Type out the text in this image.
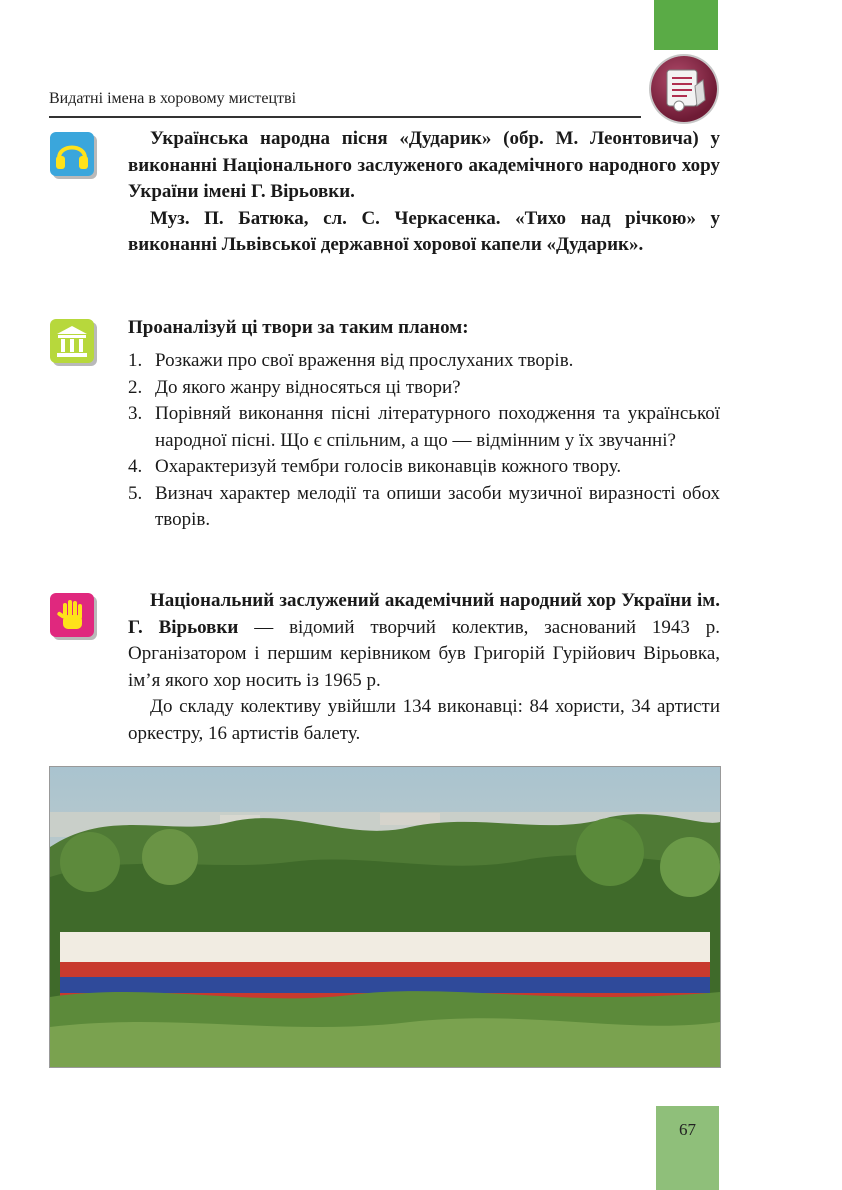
Видатні імена в хоровому мистецтві

Українська народна пісня «Дударик» (обр. М. Леонтовича) у виконанні Національного заслуженого академічного народного хору України імені Г. Вірьовки.

Муз. П. Батюка, сл. С. Черкасенка. «Тихо над річкою» у виконанні Львівської державної хорової капели «Дударик».

Проаналізуй ці твори за таким планом:

1. Розкажи про свої враження від прослуханих творів.
2. До якого жанру відносяться ці твори?
3. Порівняй виконання пісні літературного походження та української народної пісні. Що є спільним, а що — відмінним у їх звучанні?
4. Охарактеризуй тембри голосів виконавців кожного твору.
5. Визнач характер мелодії та опиши засоби музичної виразності обох творів.

Національний заслужений академічний народний хор України ім. Г. Вірьовки — відомий творчий колектив, заснований 1943 р. Організатором і першим керівником був Григорій Гурійович Вірьовка, ім’я якого хор носить із 1965 р.

До складу колективу увійшли 134 виконавці: 84 хористи, 34 артисти оркестру, 16 артистів балету.

67
